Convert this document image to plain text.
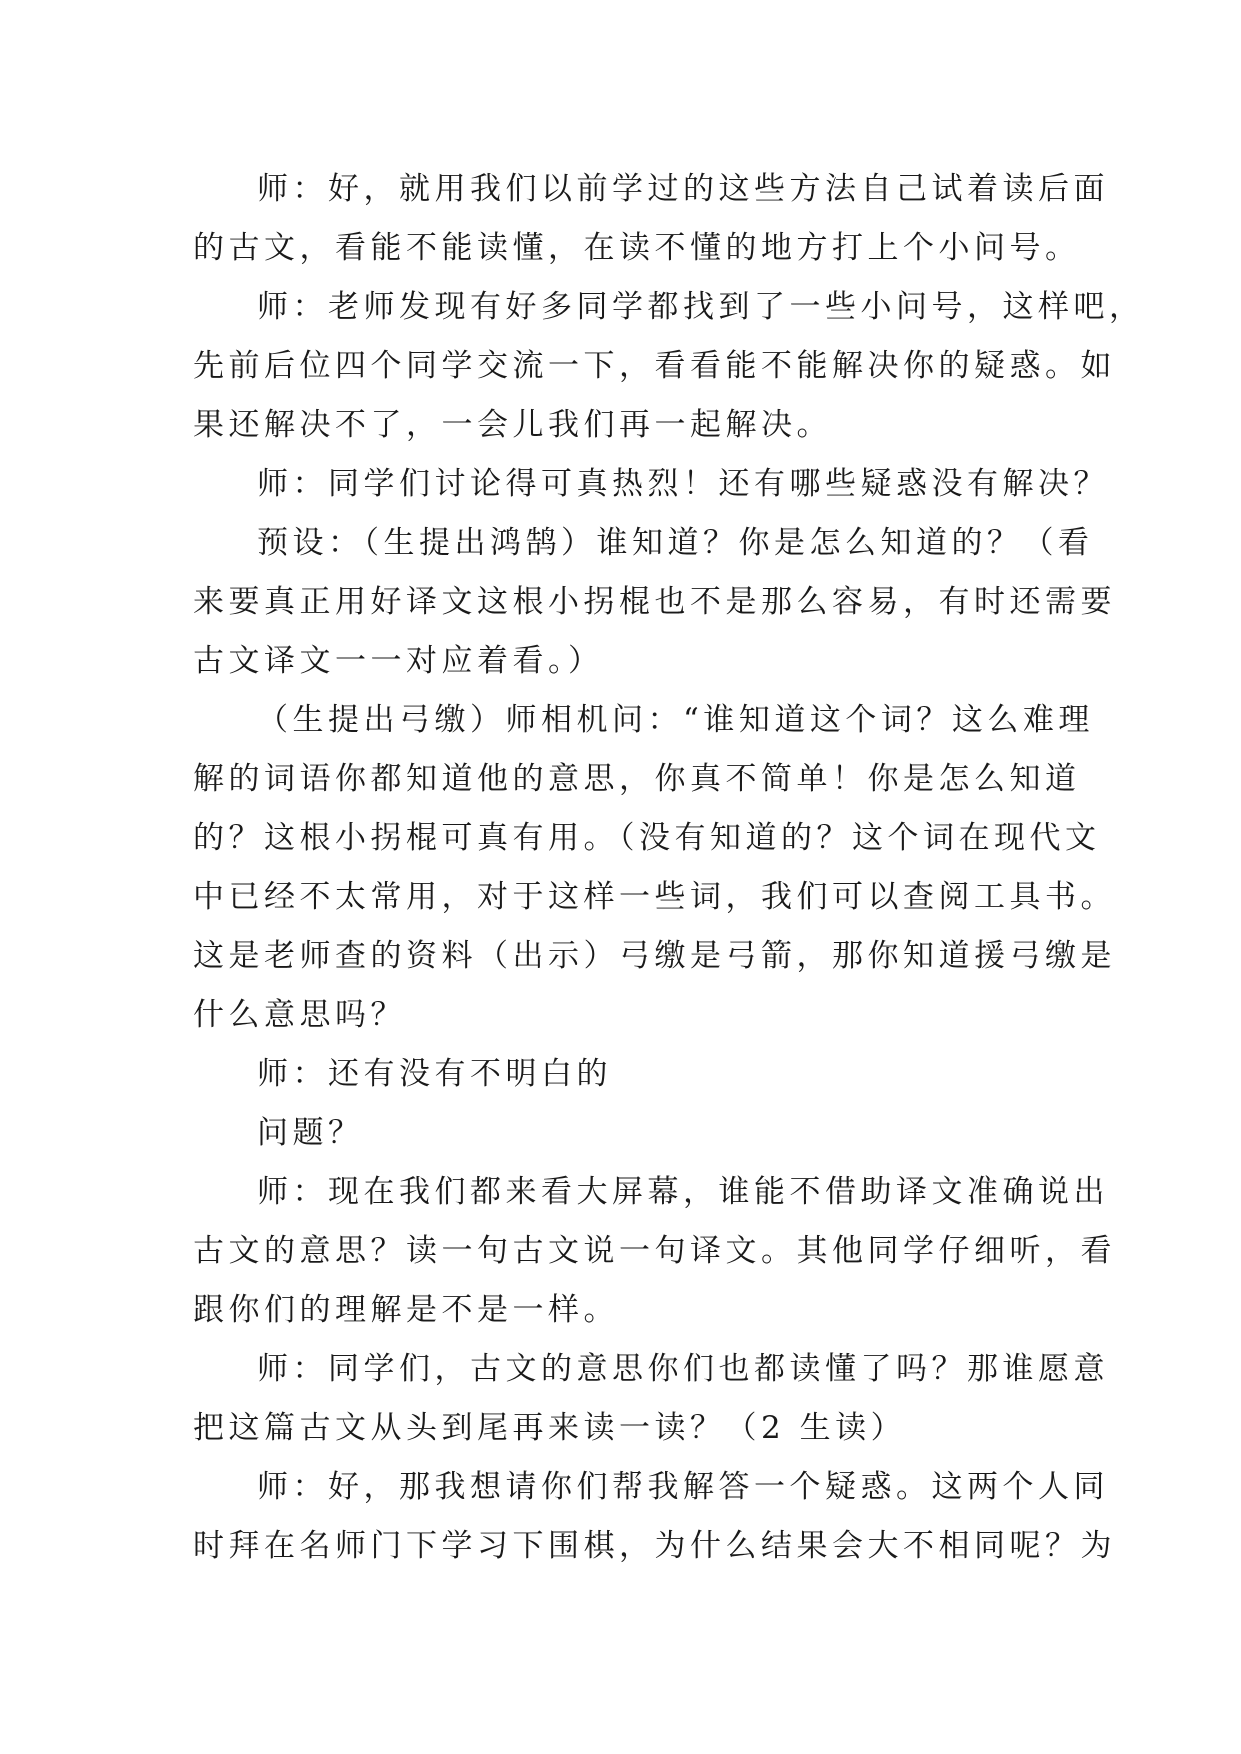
师：好，就用我们以前学过的这些方法自己试着读后面
的古文，看能不能读懂，在读不懂的地方打上个小问号。
师：老师发现有好多同学都找到了一些小问号，这样吧，
先前后位四个同学交流一下，看看能不能解决你的疑惑。如
果还解决不了，一会儿我们再一起解决。
师：同学们讨论得可真热烈！还有哪些疑惑没有解决？
预设：（生提出鸿鹄）谁知道？你是怎么知道的？（看
来要真正用好译文这根小拐棍也不是那么容易，有时还需要
古文译文一一对应着看。）
（生提出弓缴）师相机问：“谁知道这个词？这么难理
解的词语你都知道他的意思，你真不简单！你是怎么知道
的？这根小拐棍可真有用。（没有知道的？这个词在现代文
中已经不太常用，对于这样一些词，我们可以查阅工具书。
这是老师查的资料（出示）弓缴是弓箭，那你知道援弓缴是
什么意思吗？
师：还有没有不明白的
问题？
师：现在我们都来看大屏幕，谁能不借助译文准确说出
古文的意思？读一句古文说一句译文。其他同学仔细听，看
跟你们的理解是不是一样。
师：同学们，古文的意思你们也都读懂了吗？那谁愿意
把这篇古文从头到尾再来读一读？（2 生读）
师：好，那我想请你们帮我解答一个疑惑。这两个人同
时拜在名师门下学习下围棋，为什么结果会大不相同呢？为
